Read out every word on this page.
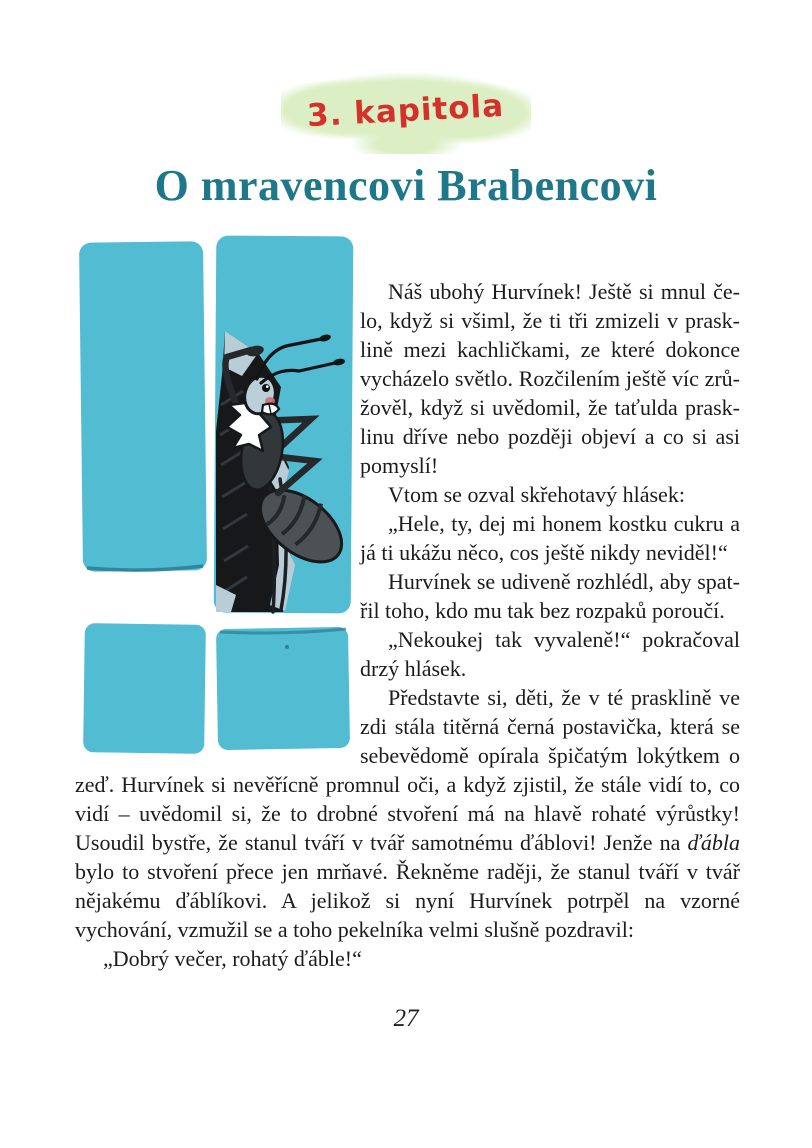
3. kapitola
O mravencovi Brabencovi

Náš ubohý Hurvínek! Ještě si mnul čelo, když si všiml, že ti tři zmizeli v prasklině mezi kachličkami, ze které dokonce vycházelo světlo. Rozčilením ještě víc zrůžověl, když si uvědomil, že taťulda prasklinu dříve nebo později objeví a co si asi pomyslí!

Vtom se ozval skřehotavý hlásek:

„Hele, ty, dej mi honem kostku cukru a já ti ukážu něco, cos ještě nikdy neviděl!“

Hurvínek se udiveně rozhlédl, aby spatřil toho, kdo mu tak bez rozpaků poroučí.

„Nekoukej tak vyvaleně!“ pokračoval drzý hlásek.

Představte si, děti, že v té prasklině ve zdi stála titěrná černá postavička, která se sebevědomě opírala špičatým lokýtkem o zeď. Hurvínek si nevěřícně promnul oči, a když zjistil, že stále vidí to, co vidí – uvědomil si, že to drobné stvoření má na hlavě rohaté výrůstky! Usoudil bystře, že stanul tváří v tvář samotnému ďáblovi! Jenže na ďábla bylo to stvoření přece jen mrňavé. Řekněme raději, že stanul tváří v tvář nějakému ďáblíkovi. A jelikož si nyní Hurvínek potrpěl na vzorné vychování, vzmužil se a toho pekelníka velmi slušně pozdravil:

„Dobrý večer, rohatý ďáble!“

27
